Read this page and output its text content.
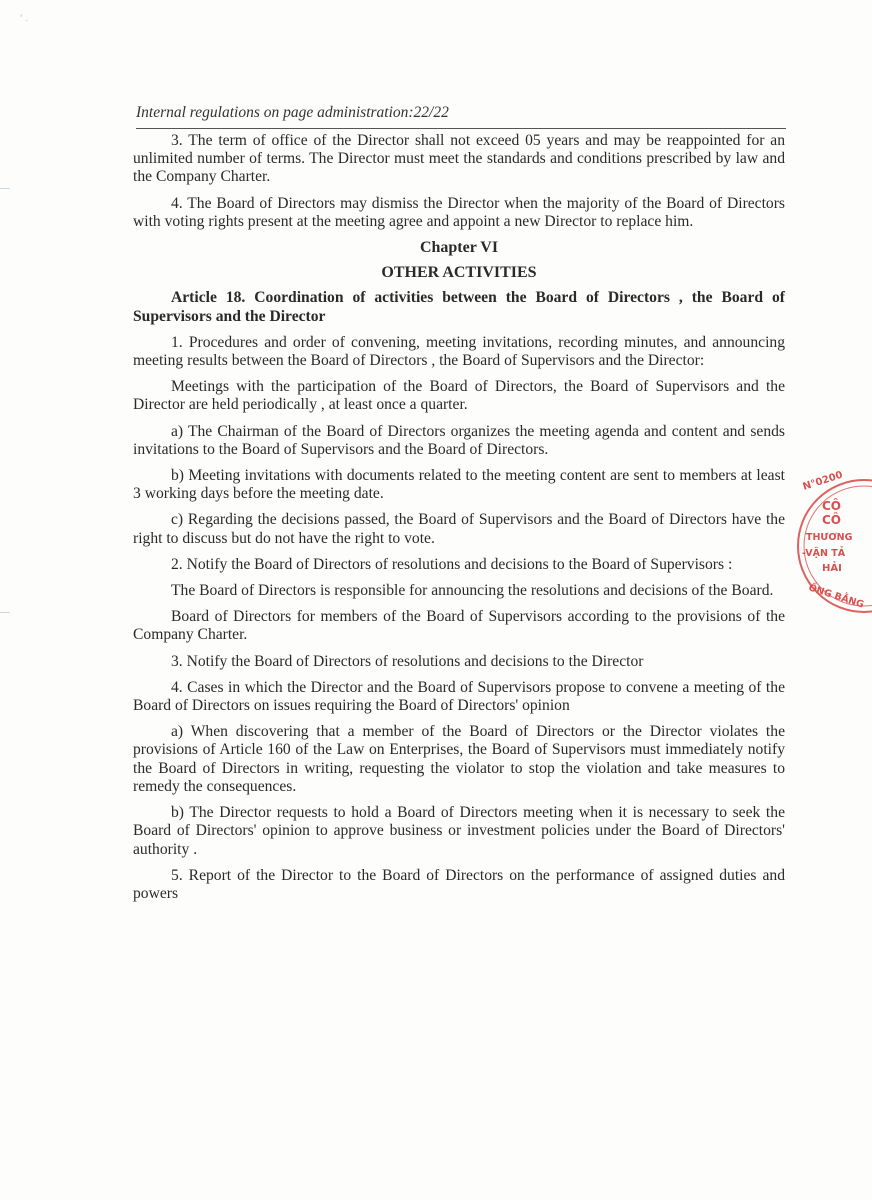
' .
Internal regulations on page administration:22/22

3. The term of office of the Director shall not exceed 05 years and may be reappointed for an unlimited number of terms. The Director must meet the standards and conditions prescribed by law and the Company Charter.

4. The Board of Directors may dismiss the Director when the majority of the Board of Directors with voting rights present at the meeting agree and appoint a new Director to replace him.

Chapter VI

OTHER ACTIVITIES

Article 18. Coordination of activities between the Board of Directors , the Board of Supervisors and the Director

1. Procedures and order of convening, meeting invitations, recording minutes, and announcing meeting results between the Board of Directors , the Board of Supervisors and the Director:

Meetings with the participation of the Board of Directors, the Board of Supervisors and the Director are held periodically , at least once a quarter.

a) The Chairman of the Board of Directors organizes the meeting agenda and content and sends invitations to the Board of Supervisors and the Board of Directors.

b) Meeting invitations with documents related to the meeting content are sent to members at least 3 working days before the meeting date.

c) Regarding the decisions passed, the Board of Supervisors and the Board of Directors have the right to discuss but do not have the right to vote.

2. Notify the Board of Directors of resolutions and decisions to the Board of Supervisors :

The Board of Directors is responsible for announcing the resolutions and decisions of the Board.

Board of Directors for members of the Board of Supervisors according to the provisions of the Company Charter.

3. Notify the Board of Directors of resolutions and decisions to the Director

4. Cases in which the Director and the Board of Supervisors propose to convene a meeting of the Board of Directors on issues requiring the Board of Directors' opinion

a) When discovering that a member of the Board of Directors or the Director violates the provisions of Article 160 of the Law on Enterprises, the Board of Supervisors must immediately notify the Board of Directors in writing, requesting the violator to stop the violation and take measures to remedy the consequences.

b) The Director requests to hold a Board of Directors meeting when it is necessary to seek the Board of Directors' opinion to approve business or investment policies under the Board of Directors' authority .

5. Report of the Director to the Board of Directors on the performance of assigned duties and powers

N°0200
CÔ
CÔ
THƯƠNG
-VẬN TẢ
HẢI
ỒNG BẰNG
